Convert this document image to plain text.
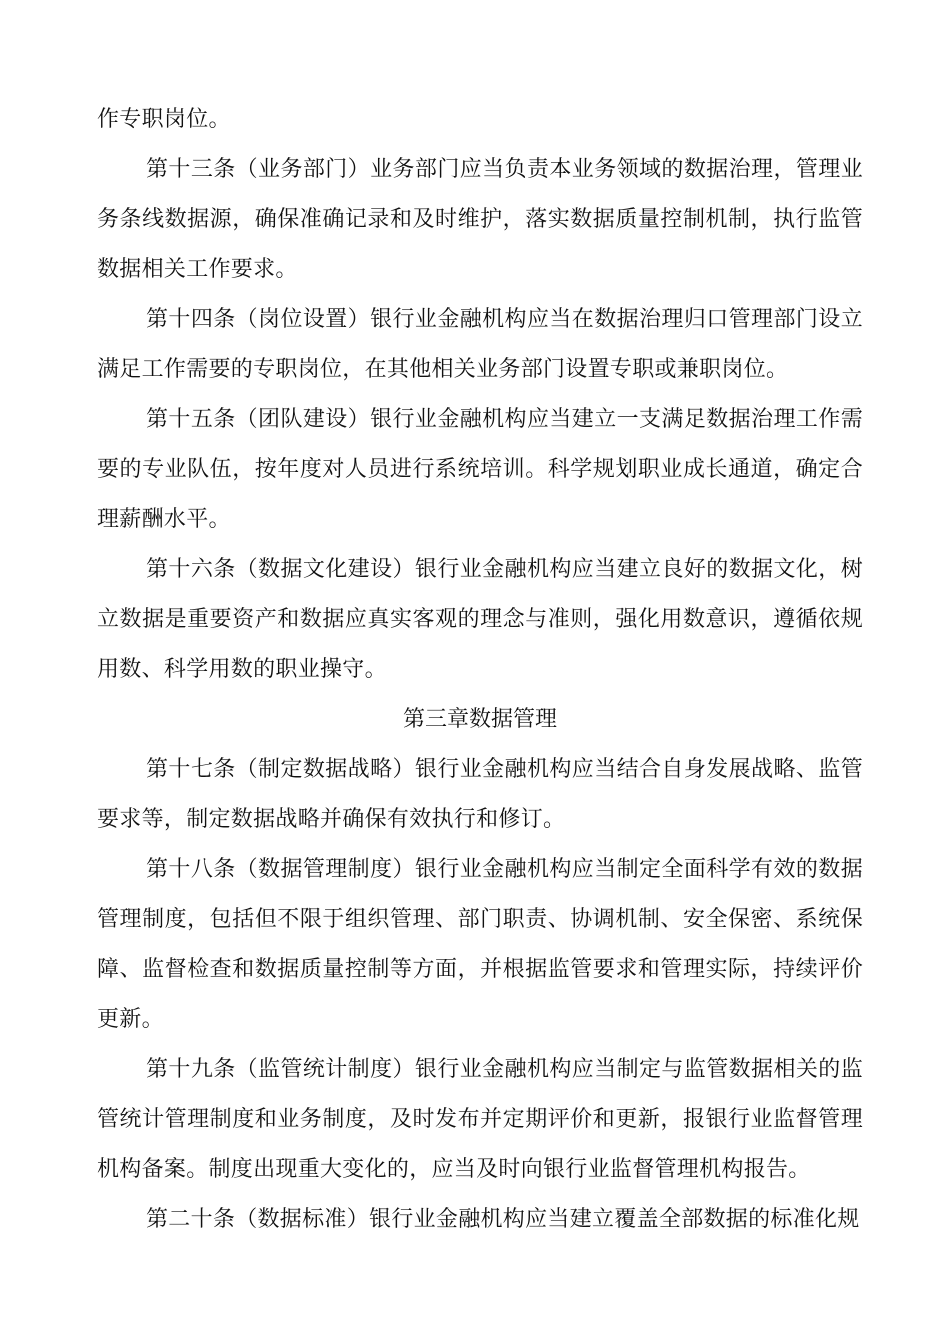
作专职岗位。

第十三条（业务部门）业务部门应当负责本业务领域的数据治理，管理业务条线数据源，确保准确记录和及时维护，落实数据质量控制机制，执行监管数据相关工作要求。

第十四条（岗位设置）银行业金融机构应当在数据治理归口管理部门设立满足工作需要的专职岗位，在其他相关业务部门设置专职或兼职岗位。

第十五条（团队建设）银行业金融机构应当建立一支满足数据治理工作需要的专业队伍，按年度对人员进行系统培训。科学规划职业成长通道，确定合理薪酬水平。

第十六条（数据文化建设）银行业金融机构应当建立良好的数据文化，树立数据是重要资产和数据应真实客观的理念与准则，强化用数意识，遵循依规用数、科学用数的职业操守。

第三章数据管理

第十七条（制定数据战略）银行业金融机构应当结合自身发展战略、监管要求等，制定数据战略并确保有效执行和修订。

第十八条（数据管理制度）银行业金融机构应当制定全面科学有效的数据管理制度，包括但不限于组织管理、部门职责、协调机制、安全保密、系统保障、监督检查和数据质量控制等方面，并根据监管要求和管理实际，持续评价更新。

第十九条（监管统计制度）银行业金融机构应当制定与监管数据相关的监管统计管理制度和业务制度，及时发布并定期评价和更新，报银行业监督管理机构备案。制度出现重大变化的，应当及时向银行业监督管理机构报告。

第二十条（数据标准）银行业金融机构应当建立覆盖全部数据的标准化规
